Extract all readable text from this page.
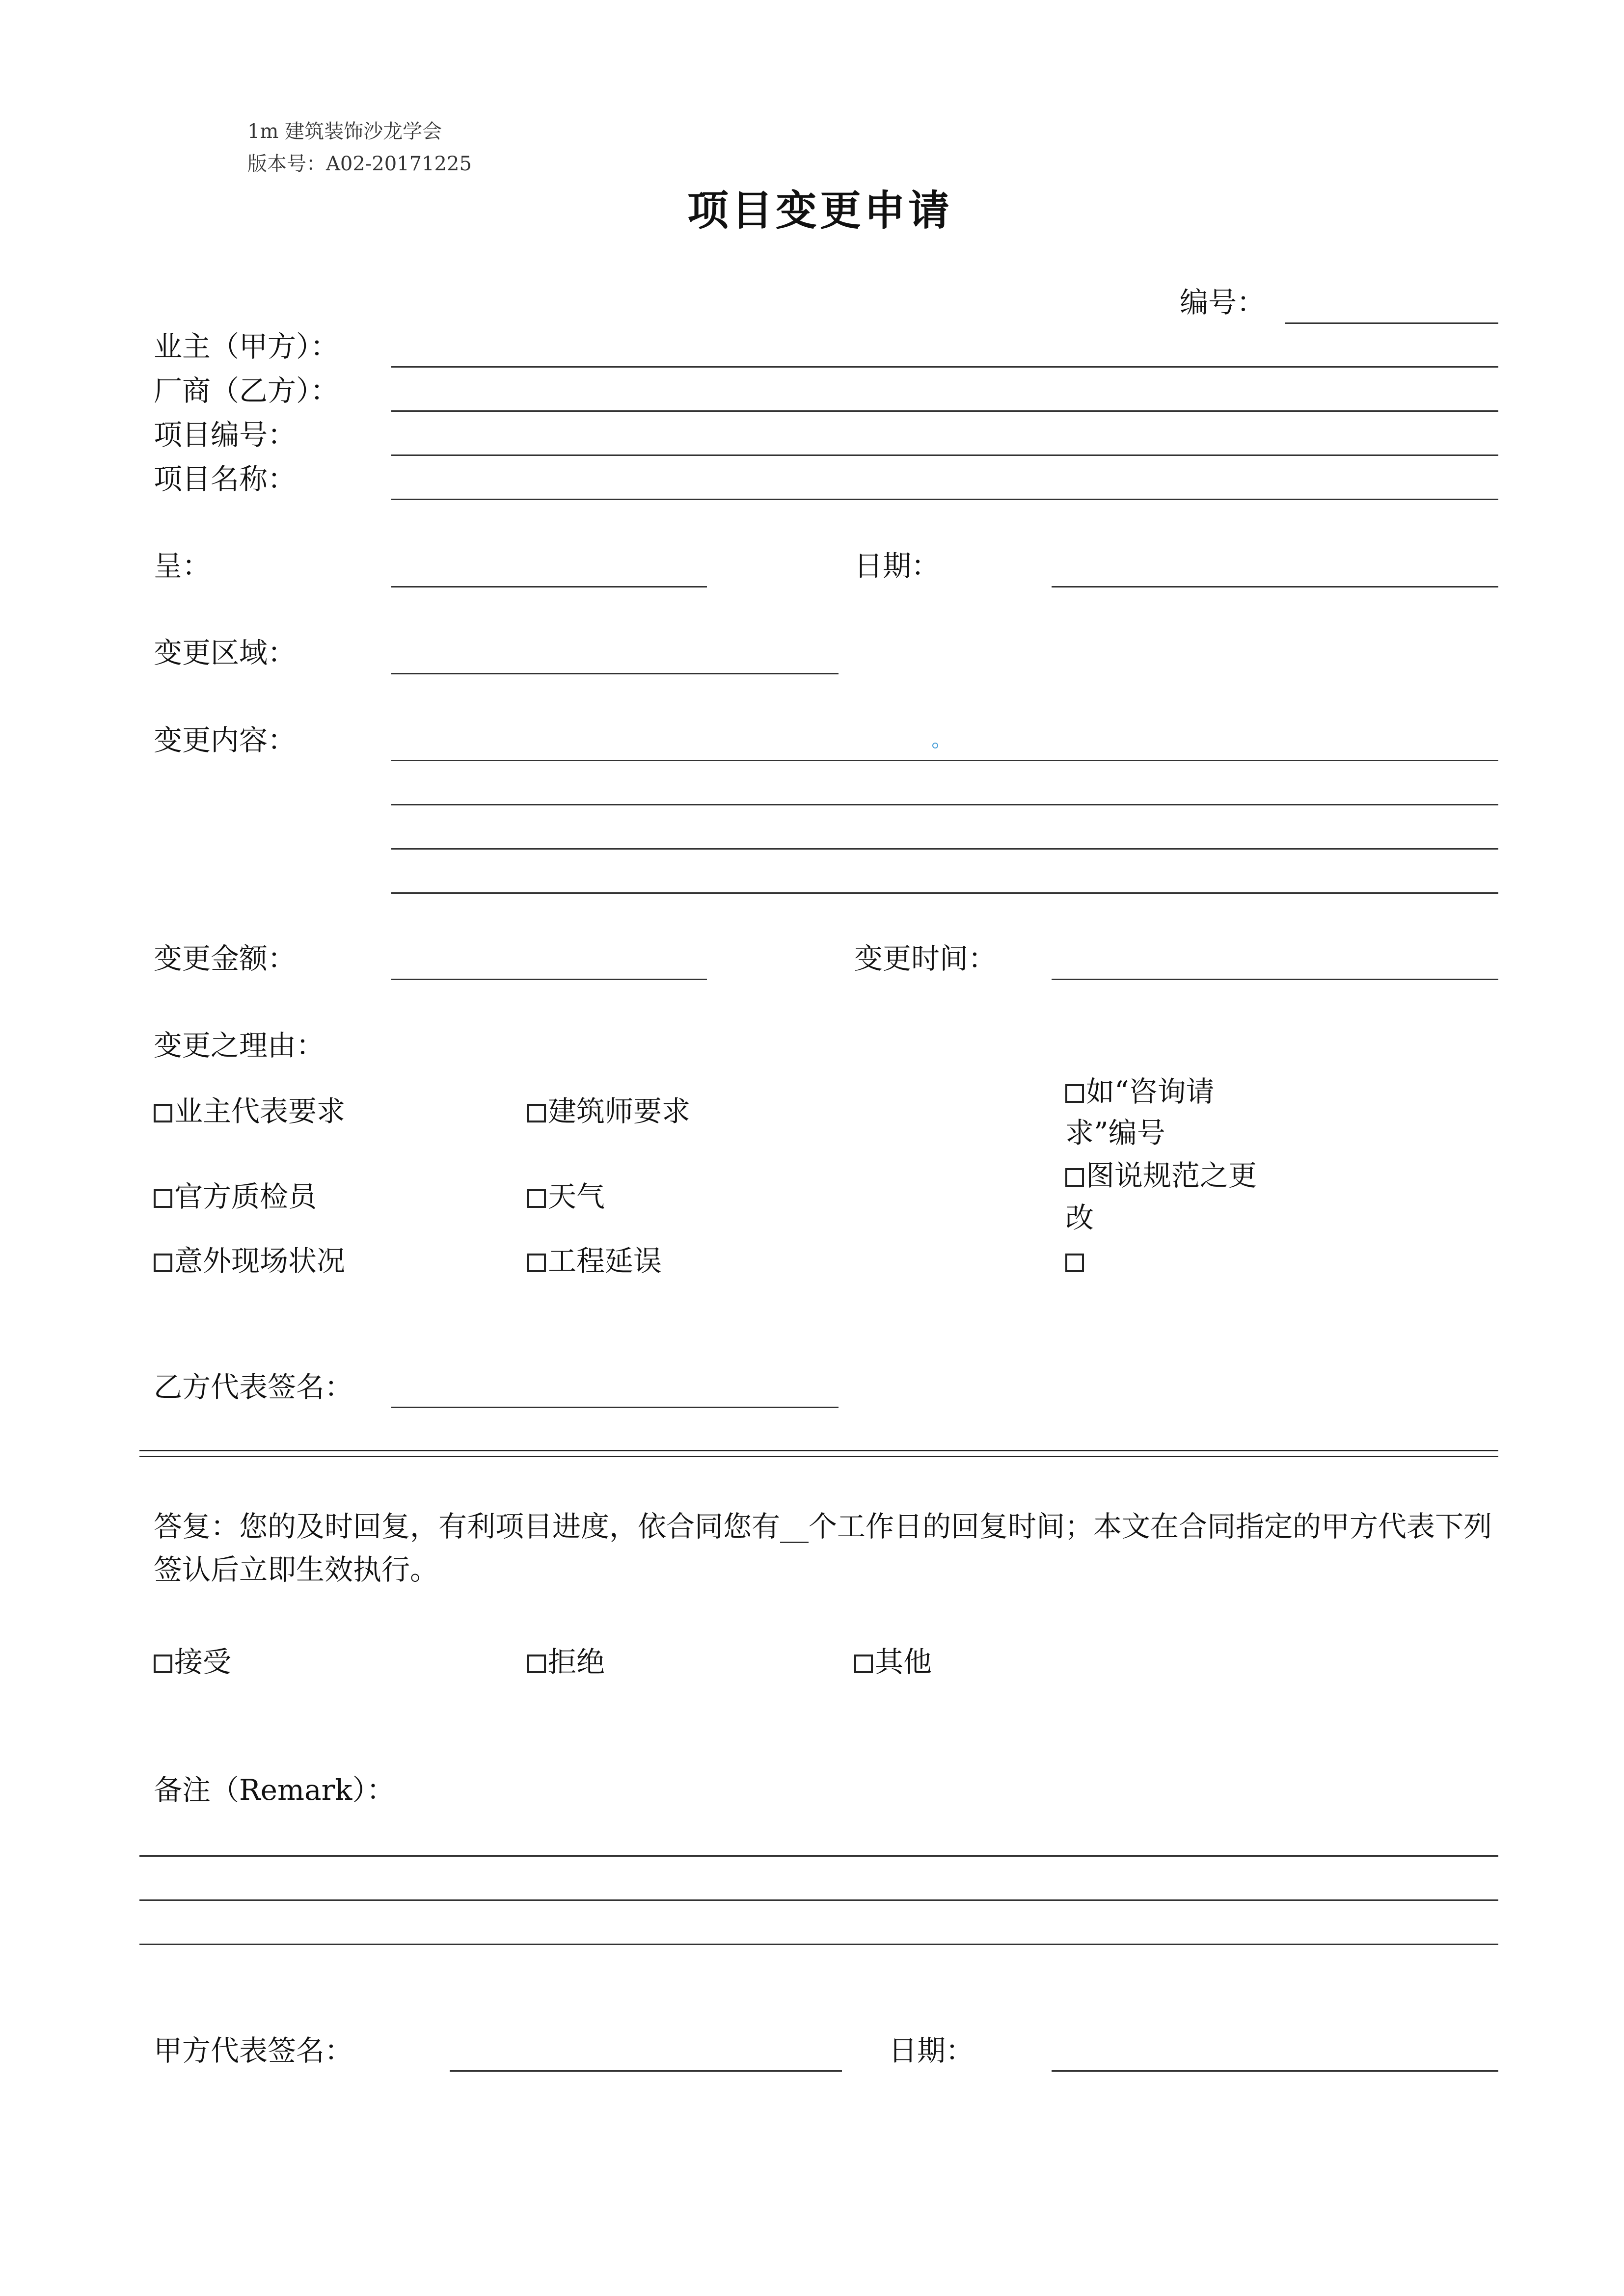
1m 建筑装饰沙龙学会
版本号：A02-20171225
项目变更申请
编号：
业主（甲方）：
厂商（乙方）：
项目编号：
项目名称：
呈：	日期：
变更区域：
变更内容：
变更金额：	变更时间：
变更之理由：
业主代表要求	建筑师要求
如“咨询请求”编号
官方质检员	天气
图说规范之更改
意外现场状况	工程延误
乙方代表签名：
答复：您的及时回复，有利项目进度，依合同您有__个工作日的回复时间；本文在合同指定的甲方代表下列签认后立即生效执行。
接受	拒绝	其他
备注（Remark）：
甲方代表签名：	日期：
